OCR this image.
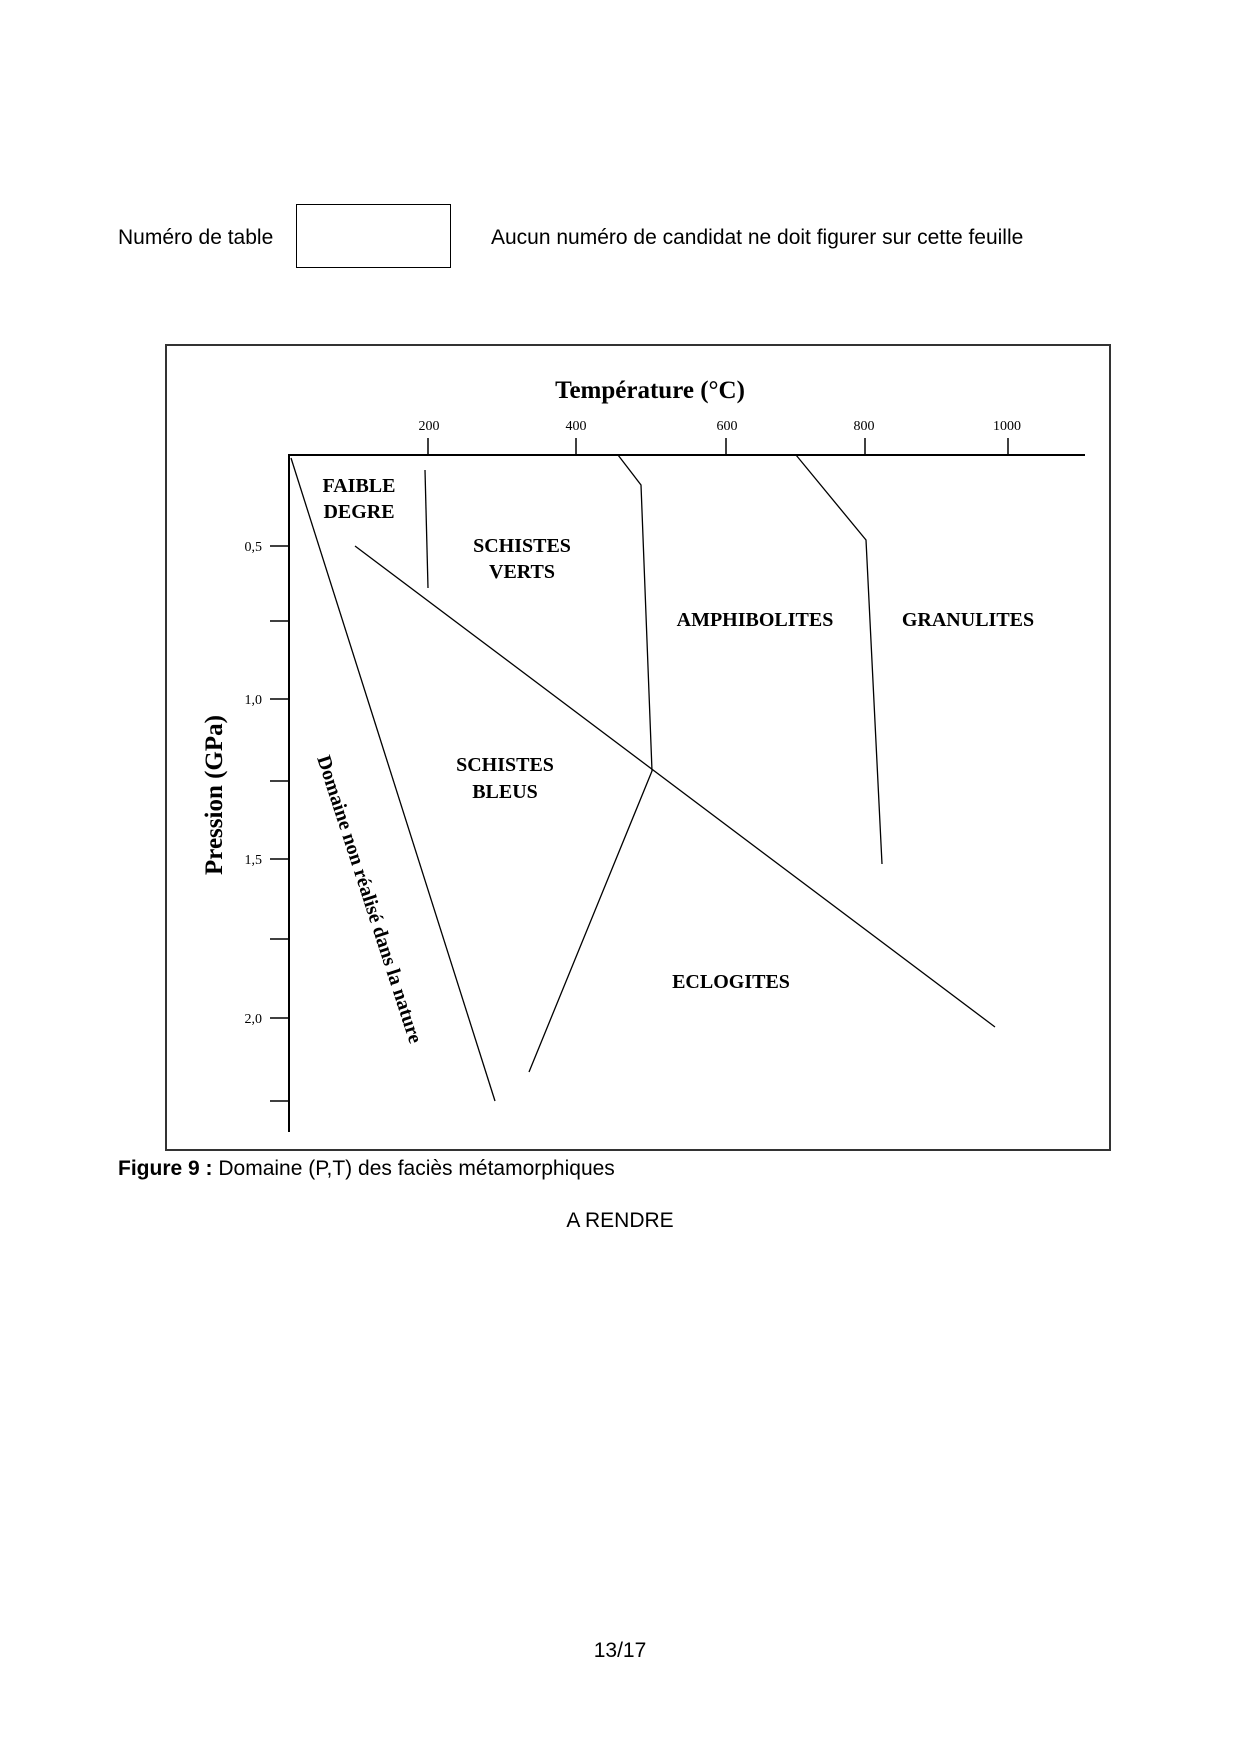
Numéro de table	Aucun numéro de candidat ne doit figurer sur cette feuille
Température (°C)
Pression (GPa)
200	400	600	800	1000
0,5
1,0
1,5
2,0
FAIBLE
DEGRE
SCHISTES
VERTS
AMPHIBOLITES	GRANULITES
SCHISTES
BLEUS
ECLOGITES
Domaine non réalisé dans la nature
Figure 9 : Domaine (P,T) des faciès métamorphiques
A RENDRE
13/17
